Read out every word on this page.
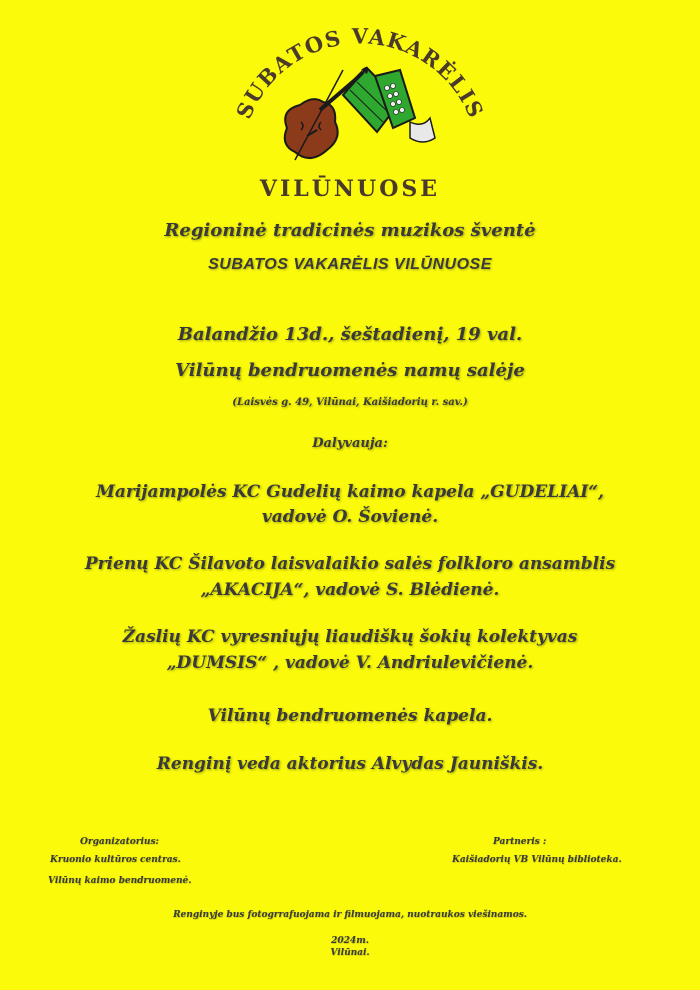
SUBATOS VAKARĖLIS
VILŪNUOSE
Regioninė tradicinės muzikos šventė
SUBATOS VAKARĖLIS VILŪNUOSE
Balandžio 13d., šeštadienį, 19 val.
Vilūnų bendruomenės namų salėje
(Laisvės g. 49, Vilūnai, Kaišiadorių r. sav.)
Dalyvauja:
Marijampolės KC Gudelių kaimo kapela „GUDELIAI“,
vadovė O. Šovienė.
Prienų KC Šilavoto laisvalaikio salės folkloro ansamblis
„AKACIJA“, vadovė S. Blėdienė.
Žaslių KC vyresniųjų liaudiškų šokių kolektyvas
„DUMSIS“ , vadovė V. Andriulevičienė.
Vilūnų bendruomenės kapela.
Renginį veda aktorius Alvydas Jauniškis.
Organizatorius:
Kruonio kultūros centras.
Vilūnų kaimo bendruomenė.
Partneris :
Kaišiadorių VB Vilūnų biblioteka.
Renginyje bus fotogrrafuojama ir filmuojama, nuotraukos viešinamos.
2024m.
Vilūnai.
